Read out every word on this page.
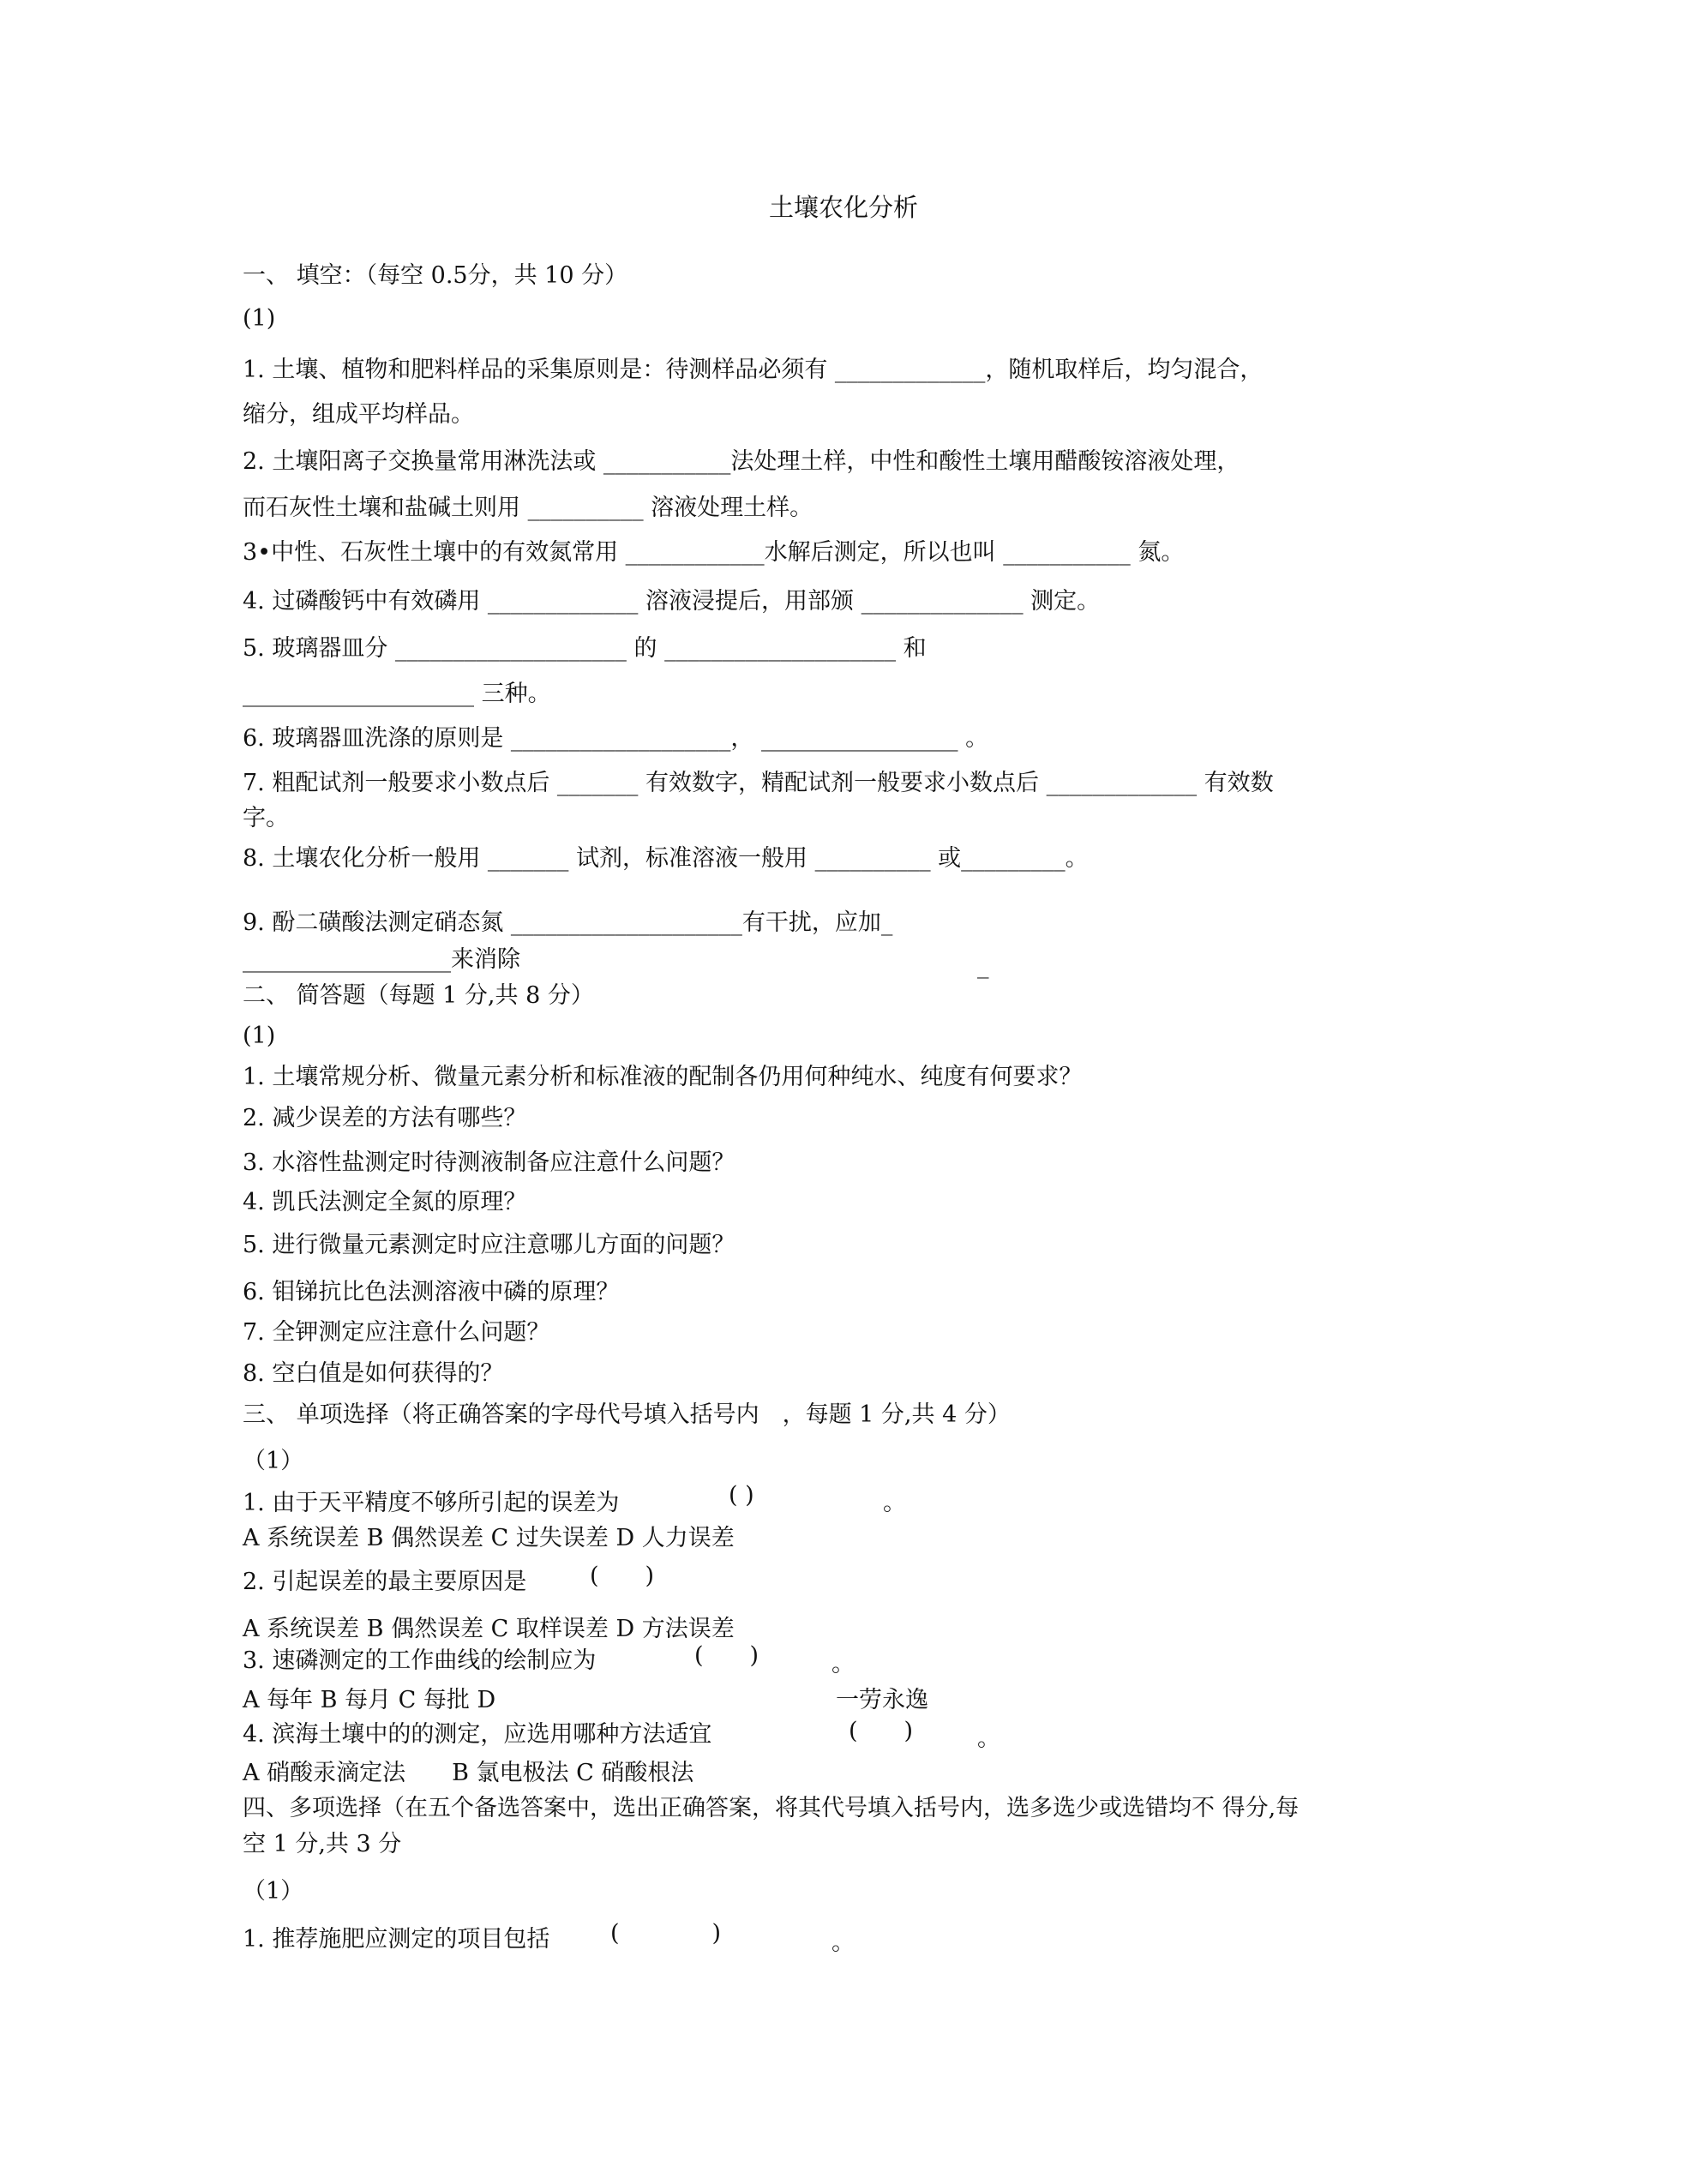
土壤农化分析
一、 填空：（每空 0.5分，共 10 分）
(1)
1. 土壤、植物和肥料样品的采集原则是：待测样品必须有 _____________，随机取样后，均匀混合，
缩分，组成平均样品。
2. 土壤阳离子交换量常用淋洗法或 ___________法处理土样，中性和酸性土壤用醋酸铵溶液处理，
而石灰性土壤和盐碱土则用 __________ 溶液处理土样。
3•中性、石灰性土壤中的有效氮常用 ____________水解后测定，所以也叫 ___________ 氮。
4. 过磷酸钙中有效磷用 _____________ 溶液浸提后，用部颁 ______________ 测定。
5. 玻璃器皿分 ____________________ 的 ____________________ 和
____________________ 三种。
6. 玻璃器皿洗涤的原则是 ___________________， _________________ 。
7. 粗配试剂一般要求小数点后 _______ 有效数字，精配试剂一般要求小数点后 _____________ 有效数
字。
8. 土壤农化分析一般用 _______ 试剂，标准溶液一般用 __________ 或_________。
9. 酚二磺酸法测定硝态氮 ____________________有干扰，应加_
__________________来消除	_
二、 简答题（每题 1 分,共 8 分）
(1)
1. 土壤常规分析、微量元素分析和标准液的配制各仍用何种纯水、纯度有何要求？
2. 减少误差的方法有哪些？
3. 水溶性盐测定时待测液制备应注意什么问题？
4. 凯氏法测定全氮的原理？
5. 进行微量元素测定时应注意哪儿方面的问题？
6. 钼锑抗比色法测溶液中磷的原理？
7. 全钾测定应注意什么问题？
8. 空白值是如何获得的？
三、 单项选择（将正确答案的字母代号填入括号内　，每题 1 分,共 4 分）
（1）
1. 由于天平精度不够所引起的误差为	( )	。
A 系统误差 B 偶然误差 C 过失误差 D 人力误差
2. 引起误差的最主要原因是	(　　)
A 系统误差 B 偶然误差 C 取样误差 D 方法误差
3. 速磷测定的工作曲线的绘制应为	(　　)	。
A 每年 B 每月 C 每批 D	一劳永逸
4. 滨海土壤中的的测定，应选用哪种方法适宜	(　　)	。
A 硝酸汞滴定法　　B 氯电极法 C 硝酸根法
四、多项选择（在五个备选答案中，选出正确答案，将其代号填入括号内，选多选少或选错均不 得分,每
空 1 分,共 3 分
（1）
1. 推荐施肥应测定的项目包括	(　　　　)	。
